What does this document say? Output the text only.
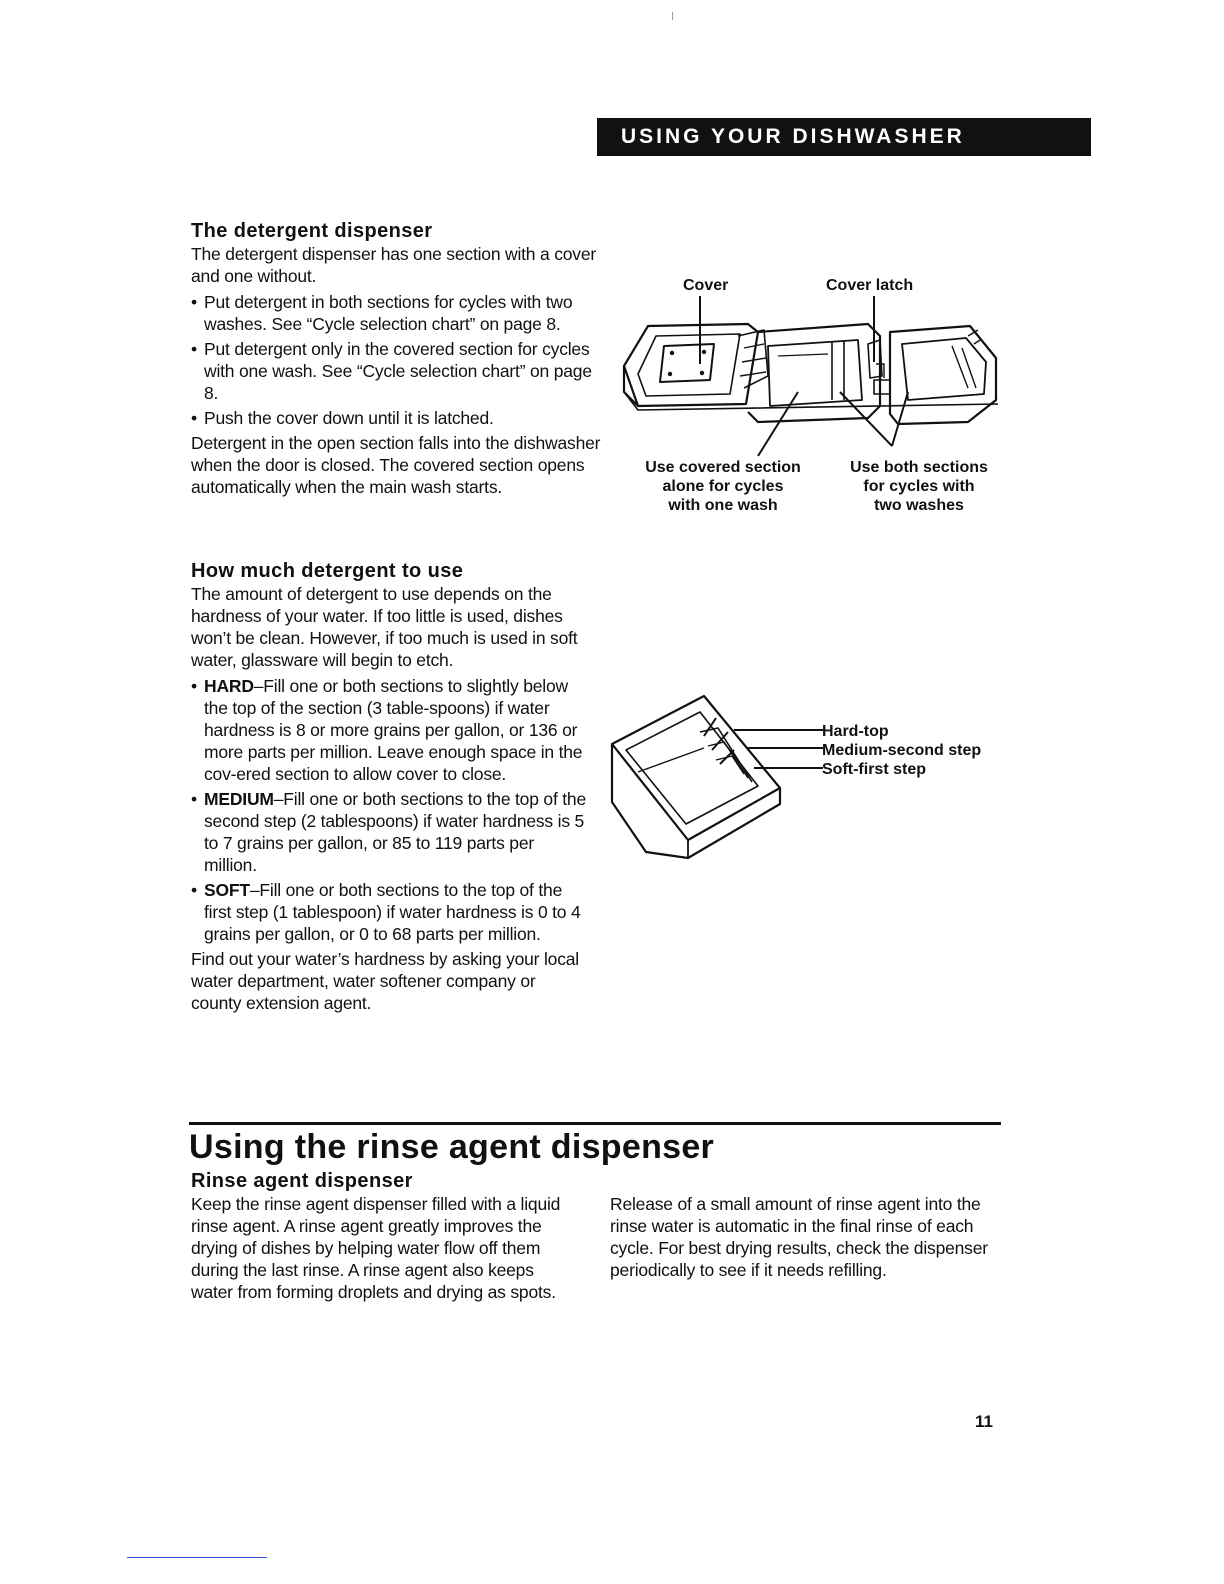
USING YOUR DISHWASHER
The detergent dispenser

The detergent dispenser has one section with a cover and one without.

• Put detergent in both sections for cycles with two washes. See “Cycle selection chart” on page 8.
• Put detergent only in the covered section for cycles with one wash. See “Cycle selection chart” on page 8.
• Push the cover down until it is latched.

Detergent in the open section falls into the dishwasher when the door is closed. The covered section opens automatically when the main wash starts.

How much detergent to use

The amount of detergent to use depends on the hardness of your water. If too little is used, dishes won’t be clean. However, if too much is used in soft water, glassware will begin to etch.

• HARD–Fill one or both sections to slightly below the top of the section (3 table-spoons) if water hardness is 8 or more grains per gallon, or 136 or more parts per million. Leave enough space in the cov-ered section to allow cover to close.
• MEDIUM–Fill one or both sections to the top of the second step (2 tablespoons) if water hardness is 5 to 7 grains per gallon, or 85 to 119 parts per million.
• SOFT–Fill one or both sections to the top of the first step (1 tablespoon) if water hardness is 0 to 4 grains per gallon, or 0 to 68 parts per million.

Find out your water’s hardness by asking your local water department, water softener company or county extension agent.

Cover	Cover latch
Use covered section
alone for cycles
with one wash
Use both sections
for cycles with
two washes
Hard-top
Medium-second step
Soft-first step
Using the rinse agent dispenser
Rinse agent dispenser
Keep the rinse agent dispenser filled with a liquid rinse agent. A rinse agent greatly improves the drying of dishes by helping water flow off them during the last rinse. A rinse agent also keeps water from forming droplets and drying as spots.
Release of a small amount of rinse agent into the rinse water is automatic in the final rinse of each cycle. For best drying results, check the dispenser periodically to see if it needs refilling.
11
